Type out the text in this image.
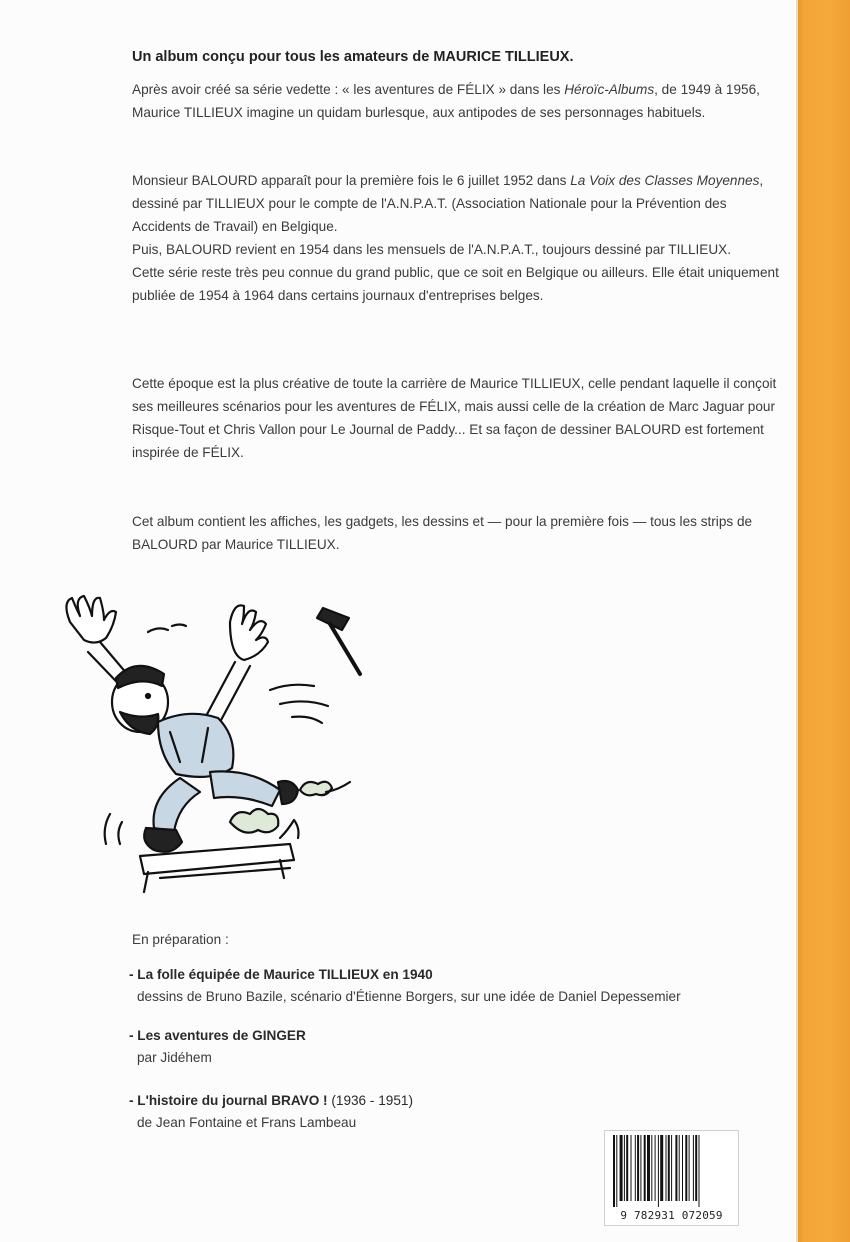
Un album conçu pour tous les amateurs de MAURICE TILLIEUX.

Après avoir créé sa série vedette : « les aventures de FÉLIX » dans les Héroïc-Albums, de 1949 à 1956, Maurice TILLIEUX imagine un quidam burlesque, aux antipodes de ses personnages habituels.

Monsieur BALOURD apparaît pour la première fois le 6 juillet 1952 dans La Voix des Classes Moyennes, dessiné par TILLIEUX pour le compte de l'A.N.P.A.T. (Association Nationale pour la Prévention des Accidents de Travail) en Belgique.
Puis, BALOURD revient en 1954 dans les mensuels de l'A.N.P.A.T., toujours dessiné par TILLIEUX.
Cette série reste très peu connue du grand public, que ce soit en Belgique ou ailleurs. Elle était uniquement publiée de 1954 à 1964 dans certains journaux d'entreprises belges.

Cette époque est la plus créative de toute la carrière de Maurice TILLIEUX, celle pendant laquelle il conçoit ses meilleures scénarios pour les aventures de FÉLIX, mais aussi celle de la création de Marc Jaguar pour Risque-Tout et Chris Vallon pour Le Journal de Paddy... Et sa façon de dessiner BALOURD est fortement inspirée de FÉLIX.

Cet album contient les affiches, les gadgets, les dessins et — pour la première fois — tous les strips de BALOURD par Maurice TILLIEUX.

En préparation :

- La folle équipée de Maurice TILLIEUX en 1940
dessins de Bruno Bazile, scénario d'Étienne Borgers, sur une idée de Daniel Depessemier
- Les aventures de GINGER
par Jidéhem
- L'histoire du journal BRAVO ! (1936 - 1951)
de Jean Fontaine et Frans Lambeau
9 782931 072059
